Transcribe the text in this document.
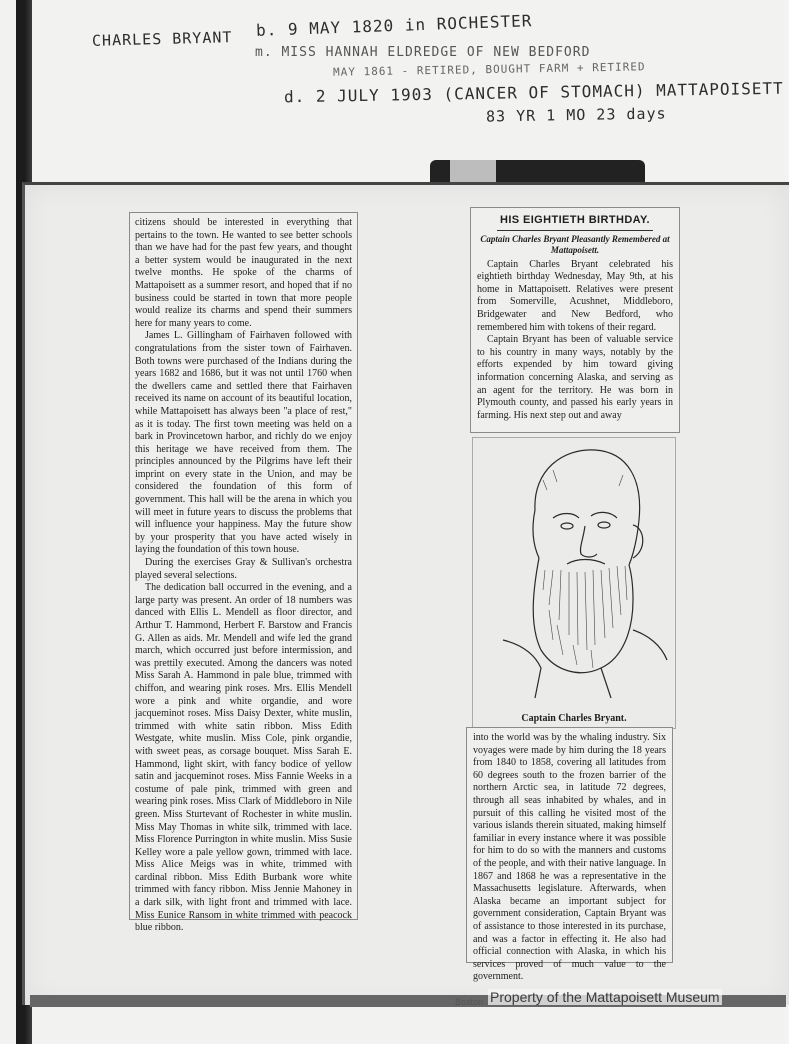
CHARLES BRYANT b. 9 MAY 1820 in ROCHESTER
m. MISS HANNAH ELDREDGE OF NEW BEDFORD
MAY 1861 - RETIRED, BOUGHT FARM + RETIRED
d. 2 JULY 1903 (CANCER OF STOMACH) MATTAPOISETT
83 YR 1 MO 23 days

citizens should be interested in everything that pertains to the town. He wanted to see better schools than we have had for the past few years, and thought a better system would be inaugurated in the next twelve months. He spoke of the charms of Mattapoisett as a summer resort, and hoped that if no business could be started in town that more people would realize its charms and spend their summers here for many years to come.

James L. Gillingham of Fairhaven followed with congratulations from the sister town of Fairhaven. Both towns were purchased of the Indians during the years 1682 and 1686, but it was not until 1760 when the dwellers came and settled there that Fairhaven received its name on account of its beautiful location, while Mattapoisett has always been "a place of rest," as it is today. The first town meeting was held on a bark in Provincetown harbor, and richly do we enjoy this heritage we have received from them. The principles announced by the Pilgrims have left their imprint on every state in the Union, and may be considered the foundation of this form of government. This hall will be the arena in which you will meet in future years to discuss the problems that will influence your happiness. May the future show by your prosperity that you have acted wisely in laying the foundation of this town house.

During the exercises Gray & Sullivan's orchestra played several selections.

The dedication ball occurred in the evening, and a large party was present. An order of 18 numbers was danced with Ellis L. Mendell as floor director, and Arthur T. Hammond, Herbert F. Barstow and Francis G. Allen as aids. Mr. Mendell and wife led the grand march, which occurred just before intermission, and was prettily executed. Among the dancers was noted Miss Sarah A. Hammond in pale blue, trimmed with chiffon, and wearing pink roses. Mrs. Ellis Mendell wore a pink and white organdie, and wore jacqueminot roses. Miss Daisy Dexter, white muslin, trimmed with white satin ribbon. Miss Edith Westgate, white muslin. Miss Cole, pink organdie, with sweet peas, as corsage bouquet. Miss Sarah E. Hammond, light skirt, with fancy bodice of yellow satin and jacqueminot roses. Miss Fannie Weeks in a costume of pale pink, trimmed with green and wearing pink roses. Miss Clark of Middleboro in Nile green. Miss Sturtevant of Rochester in white muslin. Miss May Thomas in white silk, trimmed with lace. Miss Florence Purrington in white muslin. Miss Susie Kelley wore a pale yellow gown, trimmed with lace. Miss Alice Meigs was in white, trimmed with cardinal ribbon. Miss Edith Burbank wore white trimmed with fancy ribbon. Miss Jennie Mahoney in a dark silk, with light front and trimmed with lace. Miss Eunice Ransom in white trimmed with peacock blue ribbon.

HIS EIGHTIETH BIRTHDAY.
Captain Charles Bryant Pleasantly Remembered at Mattapoisett.

Captain Charles Bryant celebrated his eightieth birthday Wednesday, May 9th, at his home in Mattapoisett. Relatives were present from Somerville, Acushnet, Middleboro, Bridgewater and New Bedford, who remembered him with tokens of their regard.

Captain Bryant has been of valuable service to his country in many ways, notably by the efforts expended by him toward giving information concerning Alaska, and serving as an agent for the territory. He was born in Plymouth county, and passed his early years in farming. His next step out and away

Captain Charles Bryant.

into the world was by the whaling industry. Six voyages were made by him during the 18 years from 1840 to 1858, covering all latitudes from 60 degrees south to the frozen barrier of the northern Arctic sea, in latitude 72 degrees, through all seas inhabited by whales, and in pursuit of this calling he visited most of the various islands therein situated, making himself familiar in every instance where it was possible for him to do so with the manners and customs of the people, and with their native language. In 1867 and 1868 he was a representative in the Massachusetts legislature. Afterwards, when Alaska became an important subject for government consideration, Captain Bryant was of assistance to those interested in its purchase, and was a factor in effecting it. He also had official connection with Alaska, in which his services proved of much value to the government.

Boston Property of the Mattapoisett Museum
